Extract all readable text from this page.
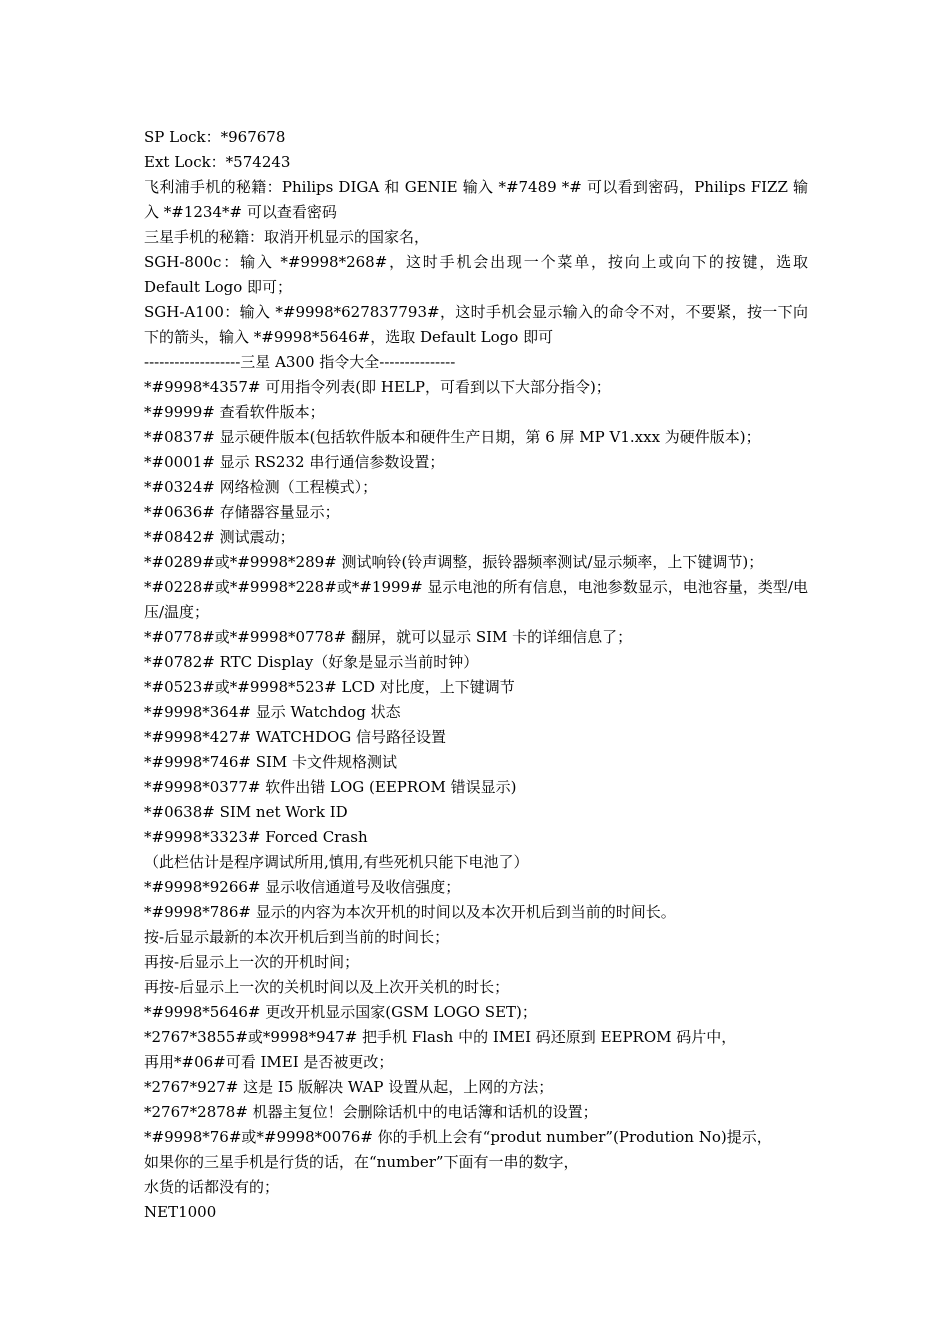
SP Lock：*967678
Ext Lock：*574243
飞利浦手机的秘籍：Philips DIGA 和 GENIE 输入 *#7489 *# 可以看到密码，Philips FIZZ 输入 *#1234*# 可以查看密码
三星手机的秘籍：取消开机显示的国家名，
SGH-800c：输入 *#9998*268#，这时手机会出现一个菜单，按向上或向下的按键，选取 Default Logo 即可；
SGH-A100：输入 *#9998*627837793#，这时手机会显示输入的命令不对，不要紧，按一下向下的箭头，输入 *#9998*5646#，选取 Default Logo 即可
-------------------三星 A300 指令大全---------------
*#9998*4357# 可用指令列表(即 HELP，可看到以下大部分指令)；
*#9999# 查看软件版本；
*#0837# 显示硬件版本(包括软件版本和硬件生产日期，第 6 屏 MP V1.xxx 为硬件版本)；
*#0001# 显示 RS232 串行通信参数设置；
*#0324# 网络检测（工程模式）；
*#0636# 存储器容量显示；
*#0842# 测试震动；
*#0289#或*#9998*289# 测试响铃(铃声调整，振铃器频率测试/显示频率，上下键调节)；
*#0228#或*#9998*228#或*#1999# 显示电池的所有信息，电池参数显示，电池容量，类型/电压/温度；
*#0778#或*#9998*0778# 翻屏，就可以显示 SIM 卡的详细信息了；
*#0782# RTC Display（好象是显示当前时钟）
*#0523#或*#9998*523# LCD 对比度，上下键调节
*#9998*364# 显示 Watchdog 状态
*#9998*427# WATCHDOG 信号路径设置
*#9998*746# SIM 卡文件规格测试
*#9998*0377# 软件出错 LOG (EEPROM 错误显示)
*#0638# SIM net Work ID
*#9998*3323# Forced Crash
（此栏估计是程序调试所用,慎用,有些死机只能下电池了）
*#9998*9266# 显示收信通道号及收信强度；
*#9998*786# 显示的内容为本次开机的时间以及本次开机后到当前的时间长。
按-后显示最新的本次开机后到当前的时间长；
再按-后显示上一次的开机时间；
再按-后显示上一次的关机时间以及上次开关机的时长；
*#9998*5646# 更改开机显示国家(GSM LOGO SET)；
*2767*3855#或*9998*947# 把手机 Flash 中的 IMEI 码还原到 EEPROM 码片中，
再用*#06#可看 IMEI 是否被更改；
*2767*927# 这是 I5 版解决 WAP 设置从起，上网的方法；
*2767*2878# 机器主复位！会删除话机中的电话簿和话机的设置；
*#9998*76#或*#9998*0076# 你的手机上会有“produt number”(Prodution No)提示，
如果你的三星手机是行货的话，在“number”下面有一串的数字，
水货的话都没有的；
NET1000
